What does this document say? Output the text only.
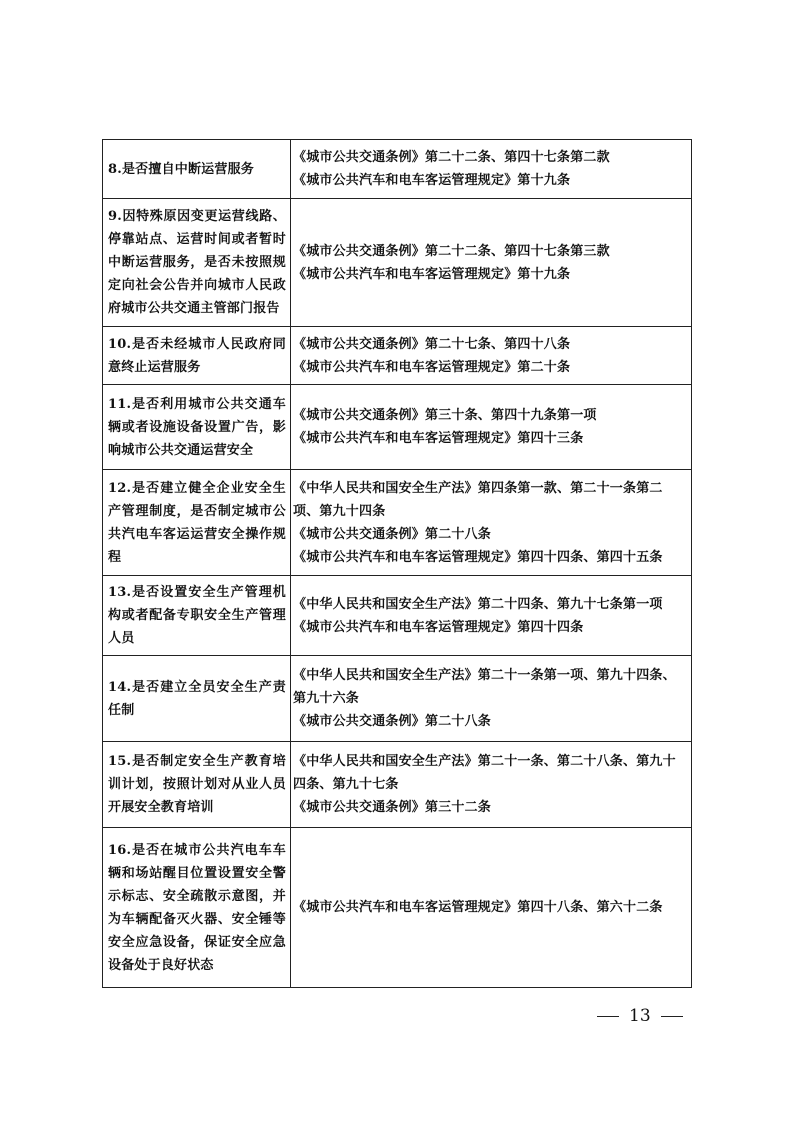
8.是否擅自中断运营服务
《城市公共交通条例》第二十二条、第四十七条第二款
《城市公共汽车和电车客运管理规定》第十九条
9.因特殊原因变更运营线路、停靠站点、运营时间或者暂时中断运营服务，是否未按照规定向社会公告并向城市人民政府城市公共交通主管部门报告
《城市公共交通条例》第二十二条、第四十七条第三款
《城市公共汽车和电车客运管理规定》第十九条
10.是否未经城市人民政府同意终止运营服务
《城市公共交通条例》第二十七条、第四十八条
《城市公共汽车和电车客运管理规定》第二十条
11.是否利用城市公共交通车辆或者设施设备设置广告，影响城市公共交通运营安全
《城市公共交通条例》第三十条、第四十九条第一项
《城市公共汽车和电车客运管理规定》第四十三条
12.是否建立健全企业安全生产管理制度，是否制定城市公共汽电车客运运营安全操作规程
《中华人民共和国安全生产法》第四条第一款、第二十一条第二项、第九十四条
《城市公共交通条例》第二十八条
《城市公共汽车和电车客运管理规定》第四十四条、第四十五条
13.是否设置安全生产管理机构或者配备专职安全生产管理人员
《中华人民共和国安全生产法》第二十四条、第九十七条第一项
《城市公共汽车和电车客运管理规定》第四十四条
14.是否建立全员安全生产责任制
《中华人民共和国安全生产法》第二十一条第一项、第九十四条、第九十六条
《城市公共交通条例》第二十八条
15.是否制定安全生产教育培训计划，按照计划对从业人员开展安全教育培训
《中华人民共和国安全生产法》第二十一条、第二十八条、第九十四条、第九十七条
《城市公共交通条例》第三十二条
16.是否在城市公共汽电车车辆和场站醒目位置设置安全警示标志、安全疏散示意图，并为车辆配备灭火器、安全锤等安全应急设备，保证安全应急设备处于良好状态
《城市公共汽车和电车客运管理规定》第四十八条、第六十二条
13
